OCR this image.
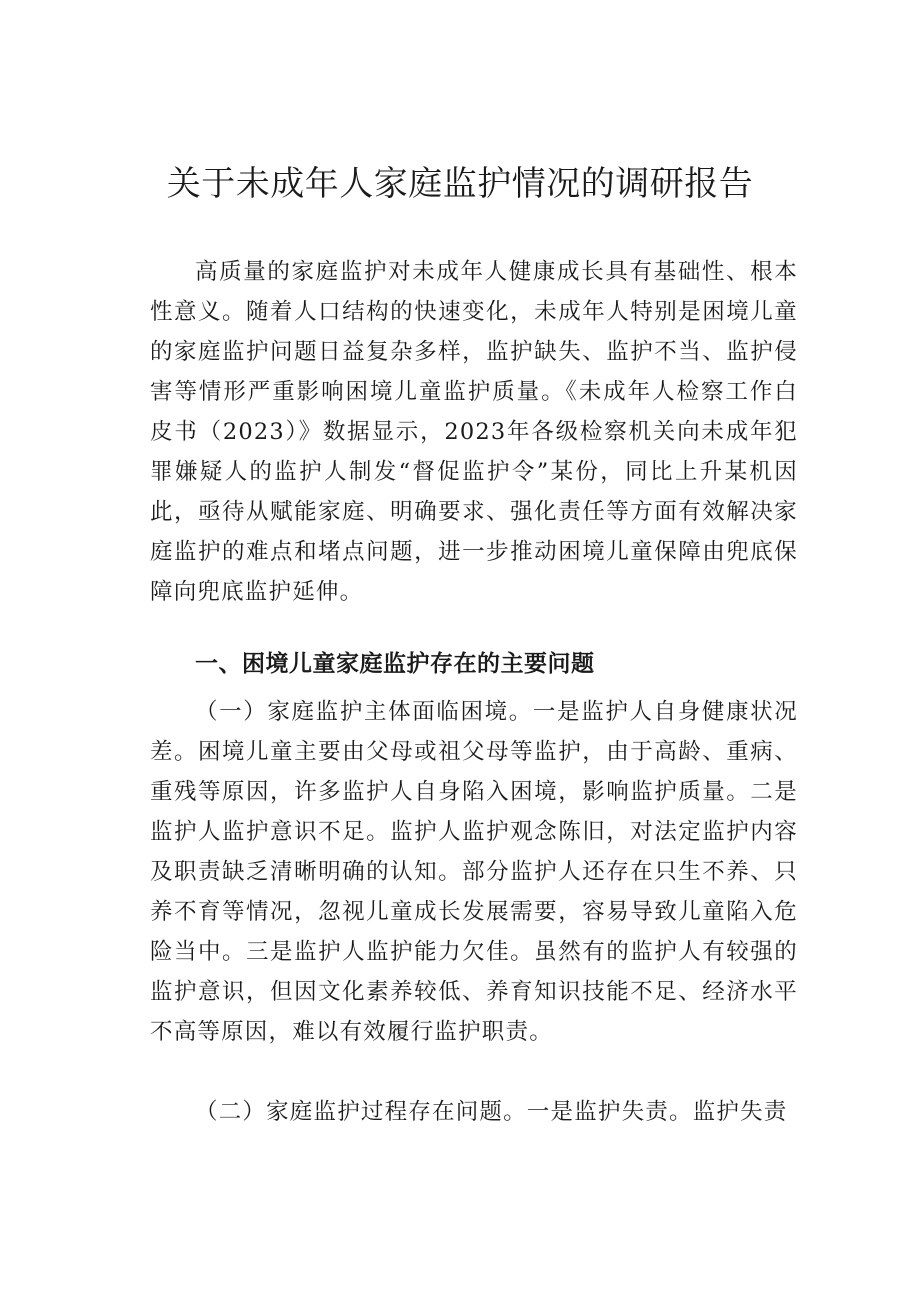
关于未成年人家庭监护情况的调研报告

高质量的家庭监护对未成年人健康成长具有基础性、根本性意义。随着人口结构的快速变化，未成年人特别是困境儿童的家庭监护问题日益复杂多样，监护缺失、监护不当、监护侵害等情形严重影响困境儿童监护质量。《未成年人检察工作白皮书（2023）》数据显示，2023年各级检察机关向未成年犯罪嫌疑人的监护人制发“督促监护令”某份，同比上升某机因此，亟待从赋能家庭、明确要求、强化责任等方面有效解决家庭监护的难点和堵点问题，进一步推动困境儿童保障由兜底保障向兜底监护延伸。

一、困境儿童家庭监护存在的主要问题

（一）家庭监护主体面临困境。一是监护人自身健康状况差。困境儿童主要由父母或祖父母等监护，由于高龄、重病、重残等原因，许多监护人自身陷入困境，影响监护质量。二是监护人监护意识不足。监护人监护观念陈旧，对法定监护内容及职责缺乏清晰明确的认知。部分监护人还存在只生不养、只养不育等情况，忽视儿童成长发展需要，容易导致儿童陷入危险当中。三是监护人监护能力欠佳。虽然有的监护人有较强的监护意识，但因文化素养较低、养育知识技能不足、经济水平不高等原因，难以有效履行监护职责。

（二）家庭监护过程存在问题。一是监护失责。监护失责
